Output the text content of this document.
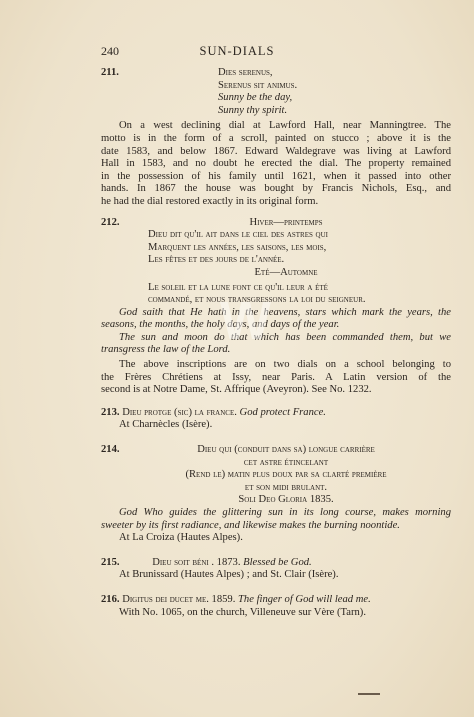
240	SUN-DIALS
211.	Dies serenus,
Serenus sit animus.
Sunny be the day,
Sunny thy spirit.
On a west declining dial at Lawford Hall, near Manningtree. The
motto is in the form of a scroll, painted on stucco ; above it is the
date 1583, and below 1867. Edward Waldegrave was living at Lawford
Hall in 1583, and no doubt he erected the dial. The property remained
in the possession of his family until 1621, when it passed into other
hands. In 1867 the house was bought by Francis Nichols, Esq., and
he had the dial restored exactly in its original form.
212.	Hiver—printemps
Dieu dit qu'il ait dans le ciel des astres qui
Marquent les années, les saisons, les mois,
Les fêtes et des jours de l'année.
Eté—Automne
Le soleil et la lune font ce qu'il leur a été
commandé, et nous transgressons la loi du seigneur.
God saith that He hath in the heavens, stars which mark the years, the
seasons, the months, the holy days, and days of the year.
The sun and moon do that which has been commanded them, but we
transgress the law of the Lord.
The above inscriptions are on two dials on a school belonging to
the Frères Chrétiens at Issy, near Paris. A Latin version of the
second is at Notre Dame, St. Affrique (Aveyron). See No. 1232.
213. Dieu protge (sic) la france. God protect France.
At Charnècles (Isère).
214.	Dieu qui (conduit dans sa) longue carrière
cet astre étincelant
(Rend le) matin plus doux par sa clarté première
et son midi brulant.
Soli Deo Gloria 1835.
God Who guides the glittering sun in its long course, makes morning
sweeter by its first radiance, and likewise makes the burning noontide.
At La Croiza (Hautes Alpes).
215.	Dieu soit béni . 1873. Blessed be God.
At Brunissard (Hautes Alpes) ; and St. Clair (Isère).
216. Digitus dei ducet me. 1859. The finger of God will lead me.
With No. 1065, on the church, Villeneuve sur Vère (Tarn).
W
